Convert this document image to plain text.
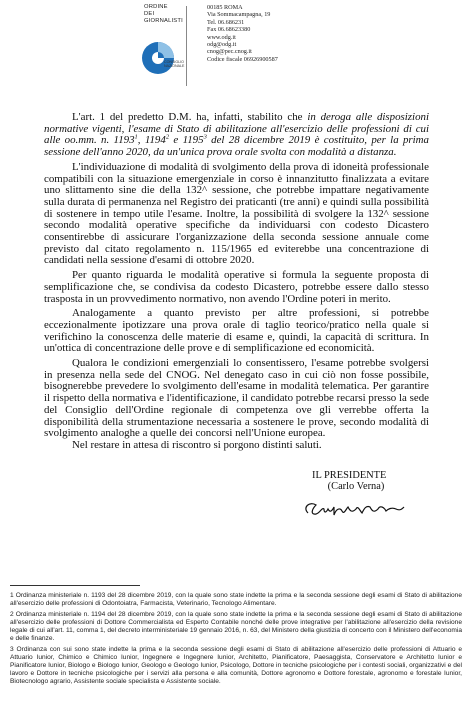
ORDINE
DEI
GIORNALISTI
CONSIGLIO
NAZIONALE
00185 ROMA
Via Sommacampagna, 19
Tel. 06.686231
Fax 06.68623380
www.odg.it
odg@odg.it
cnog@pec.cnog.it
Codice fiscale 06926900587

L'art. 1 del predetto D.M. ha, infatti, stabilito che in deroga alle disposizioni normative vigenti, l'esame di Stato di abilitazione all'esercizio delle professioni di cui alle oo.mm. n. 1193$^1$, 1194$^2$ e 1195$^3$ del 28 dicembre 2019 è costituito, per la prima sessione dell'anno 2020, da un'unica prova orale svolta con modalità a distanza.

L'individuazione di modalità di svolgimento della prova di idoneità professionale compatibili con la situazione emergenziale in corso è innanzitutto finalizzata a evitare uno slittamento sine die della 132^ sessione, che potrebbe impattare negativamente sulla durata di permanenza nel Registro dei praticanti (tre anni) e quindi sulla possibilità di sostenere in tempo utile l'esame. Inoltre, la possibilità di svolgere la 132^ sessione secondo modalità operative specifiche da individuarsi con codesto Dicastero consentirebbe di assicurare l'organizzazione della seconda sessione annuale come previsto dal citato regolamento n. 115/1965 ed eviterebbe una concentrazione di candidati nella sessione d'esami di ottobre 2020.

Per quanto riguarda le modalità operative si formula la seguente proposta di semplificazione che, se condivisa da codesto Dicastero, potrebbe essere dallo stesso trasposta in un provvedimento normativo, non avendo l'Ordine poteri in merito.

Analogamente a quanto previsto per altre professioni, si potrebbe eccezionalmente ipotizzare una prova orale di taglio teorico/pratico nella quale si verifichino la conoscenza delle materie di esame e, quindi, la capacità di scrittura. In un'ottica di concentrazione delle prove e di semplificazione ed economicità.

Qualora le condizioni emergenziali lo consentissero, l'esame potrebbe svolgersi in presenza nella sede del CNOG. Nel denegato caso in cui ciò non fosse possibile, bisognerebbe prevedere lo svolgimento dell'esame in modalità telematica. Per garantire il rispetto della normativa e l'identificazione, il candidato potrebbe recarsi presso la sede del Consiglio dell'Ordine regionale di competenza ove gli verrebbe offerta la disponibilità della strumentazione necessaria a sostenere le prove, secondo modalità di svolgimento analoghe a quelle dei concorsi nell'Unione europea.

Nel restare in attesa di riscontro si porgono distinti saluti.

IL PRESIDENTE
(Carlo Verna)
1 Ordinanza ministeriale n. 1193 del 28 dicembre 2019, con la quale sono state indette la prima e la seconda sessione degli esami di Stato di abilitazione all'esercizio delle professioni di Odontoiatra, Farmacista, Veterinario, Tecnologo Alimentare.
2 Ordinanza ministeriale n. 1194 del 28 dicembre 2019, con la quale sono state indette la prima e la seconda sessione degli esami di Stato di abilitazione all'esercizio delle professioni di Dottore Commercialista ed Esperto Contabile nonché delle prove integrative per l'abilitazione all'esercizio della revisione legale di cui all'art. 11, comma 1, del decreto interministeriale 19 gennaio 2016, n. 63, del Ministero della giustizia di concerto con il Ministero dell'economia e delle finanze.
3 Ordinanza con sui sono state indette la prima e la seconda sessione degli esami di Stato di abilitazione all'esercizio delle professioni di Attuario e Attuario Iunior, Chimico e Chimico Iunior, Ingegnere e Ingegnere Iunior, Architetto, Pianificatore, Paesaggista, Conservatore e Architetto Iunior e Pianificatore Iunior, Biologo e Biologo Iunior, Geologo e Geologo Iunior, Psicologo, Dottore in tecniche psicologiche per i contesti sociali, organizzativi e del lavoro e Dottore in tecniche psicologiche per i servizi alla persona e alla comunità, Dottore agronomo e Dottore forestale, agronomo e forestale Iunior, Biotecnologo agrario, Assistente sociale specialista e Assistente sociale.
